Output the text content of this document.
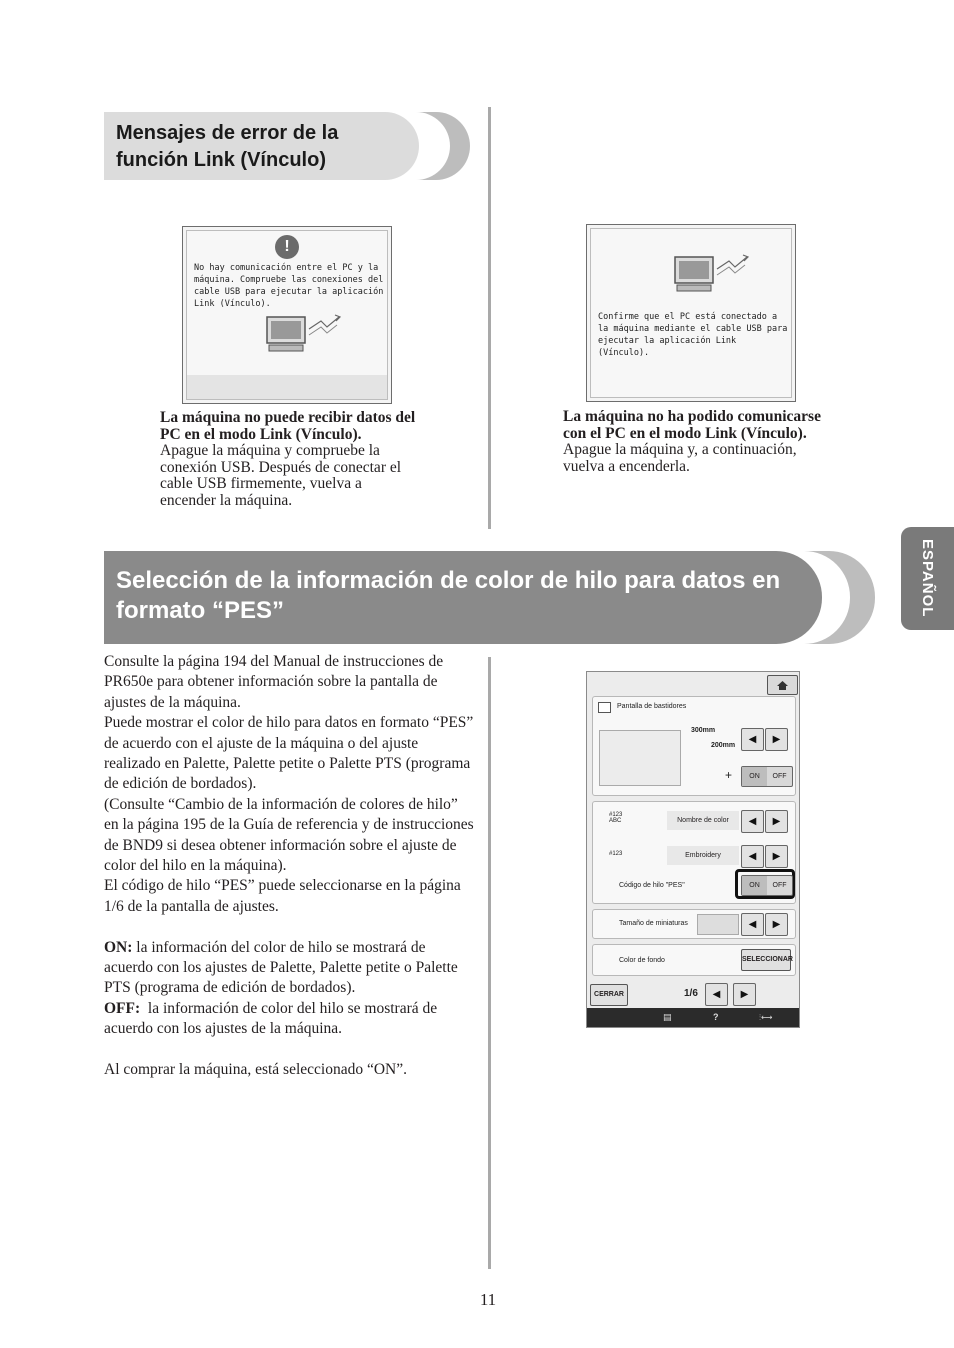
Mensajes de error de la función Link (Vínculo)
!
No hay comunicación entre el PC y la máquina. Compruebe las conexiones del cable USB para ejecutar la aplicación Link (Vínculo).
La máquina no puede recibir datos del PC en el modo Link (Vínculo).
Apague la máquina y compruebe la conexión USB. Después de conectar el cable USB firmemente, vuelva a encender la máquina.
Confirme que el PC está conectado a la máquina mediante el cable USB para ejecutar la aplicación Link (Vínculo).
La máquina no ha podido comunicarse con el PC en el modo Link (Vínculo).
Apague la máquina y, a continuación, vuelva a encenderla.
ESPAÑOL
Selección de la información de color de hilo para datos en formato “PES”
Consulte la página 194 del Manual de instrucciones de PR650e para obtener información sobre la pantalla de ajustes de la máquina.
Puede mostrar el color de hilo para datos en formato “PES” de acuerdo con el ajuste de la máquina o del ajuste realizado en Palette, Palette petite o Palette PTS (programa de edición de bordados).
(Consulte “Cambio de la información de colores de hilo” en la página 195 de la Guía de referencia y de instrucciones de BND9 si desea obtener información sobre el ajuste de color del hilo en la máquina).
El código de hilo “PES” puede seleccionarse en la página 1/6 de la pantalla de ajustes.
ON: la información del color de hilo se mostrará de acuerdo con los ajustes de Palette, Palette petite o Palette PTS (programa de edición de bordados).
OFF: la información de color del hilo se mostrará de acuerdo con los ajustes de la máquina.
Al comprar la máquina, está seleccionado “ON”.
Pantalla de bastidores
300mm
200mm
◀	▶
+	ON	OFF
#123 ABC	Nombre de color	◀	▶
#123	Embroidery	◀	▶
Código de hilo "PES"	ON	OFF
Tamaño de miniaturas	◀	▶
Color de fondo	SELECCIONAR
CERRAR	1/6	◀	▶
▤	?	⫶⟷
11
